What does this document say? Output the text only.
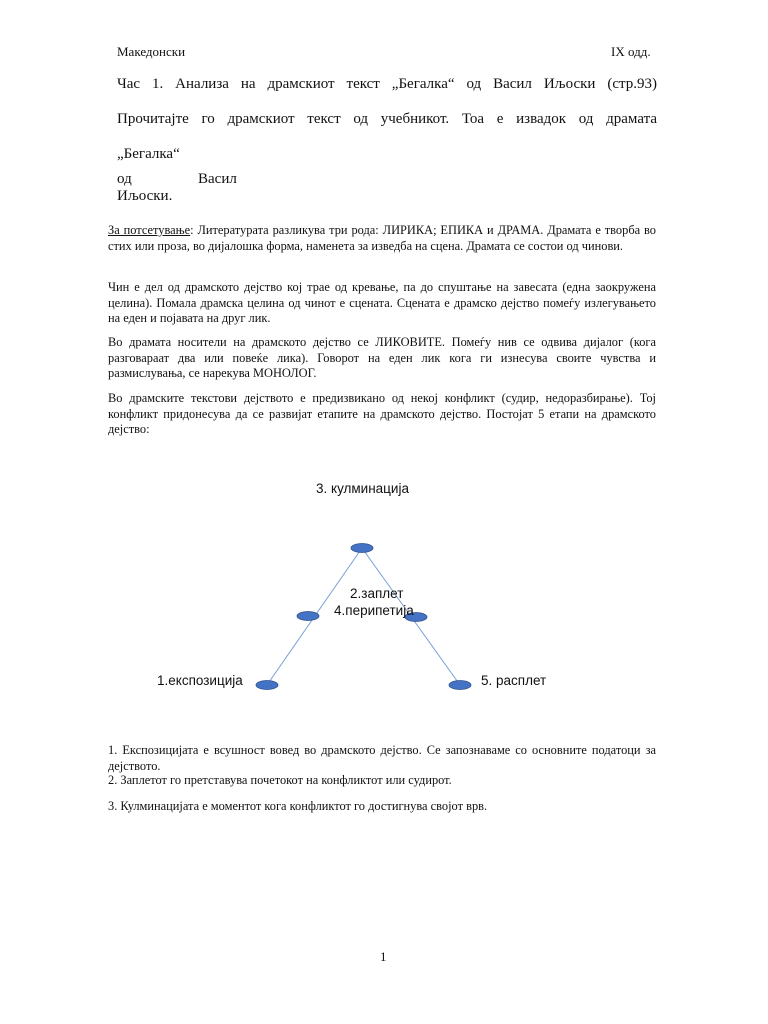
Македонски	IX одд.
Час 1. Анализа на драмскиот текст „Бегалка“ од Васил Иљоски (стр.93)
Прочитајте го драмскиот текст од учебникот. Тоа е извадок од драмата
„Бегалка“
од	Васил
Иљоски.
За потсетување: Литературата разликува три рода: ЛИРИКА; ЕПИКА и ДРАМА. Драмата е творба во стих или проза, во дијалошка форма, наменета за изведба на сцена. Драмата се состои од чинови.
Чин е дел од драмското дејство кој трае од кревање, па до спуштање на завесата (една заокружена целина). Помала драмска целина од чинот е сцената. Сцената е драмско дејство помеѓу излегувањето на еден и појавата на друг лик.
Во драмата носители на драмското дејство се ЛИКОВИТЕ. Помеѓу нив се одвива дијалог (кога разговараат два или повеќе лика). Говорот на еден лик кога ги изнесува своите чувства и размислувања, се нарекува МОНОЛОГ.
Во драмските текстови дејството е предизвикано од некој конфликт (судир, недоразбирање). Тој конфликт придонесува да се развијат етапите на драмското дејство. Постојат 5 етапи на драмското дејство:
3. кулминација
2.заплет
4.перипетија
1.експозиција	5. расплет
1. Експозицијата е всушност вовед во драмското дејство. Се запознаваме со основните податоци за дејството.
2. Заплетот го претставува почетокот на конфликтот или судирот.
3. Кулминацијата е моментот кога конфликтот го достигнува својот врв.
1
